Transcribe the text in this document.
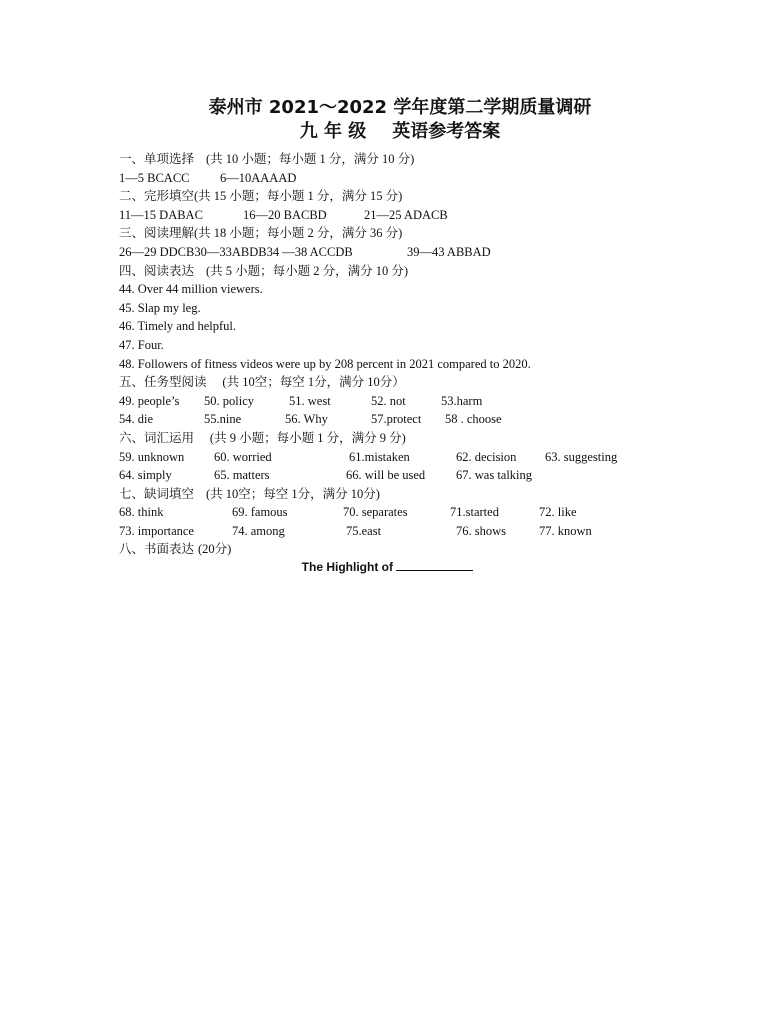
泰州市 2021～2022 学年度第二学期质量调研
九 年 级 英语参考答案
一、单项选择 (共 10 小题；每小题 1 分，满分 10 分)
1—5 BCACC 6—10AAAAD
二、完形填空(共 15 小题；每小题 1 分，满分 15 分)
11—15 DABAC	16—20 BACBD	21—25 ADACB
三、阅读理解(共 18 小题；每小题 2 分，满分 36 分)
26—29 DDCB30—33ABDB34 —38 ACCDB	39—43 ABBAD
四、阅读表达 (共 5 小题；每小题 2 分，满分 10 分)
44. Over 44 million viewers.
45. Slap my leg.
46. Timely and helpful.
47. Four.
48. Followers of fitness videos were up by 208 percent in 2021 compared to 2020.
五、任务型阅读 (共 10空；每空 1分，满分 10分）
49. people’s 50. policy	51. west	52. not	53.harm
54. die	55.nine	56. Why	57.protect 58 . choose
六、词汇运用 (共 9 小题；每小题 1 分，满分 9 分)
59. unknown 60. worried	61.mistaken	62. decision 63. suggesting
64. simply	65. matters	66. will be used 67. was talking
七、缺词填空 (共 10空；每空 1分，满分 10分)
68. think	69. famous	70. separates	71.started	72. like
73. importance	74. among	75.east	76. shows	77. known
八、书面表达 (20分)
The Highlight of
